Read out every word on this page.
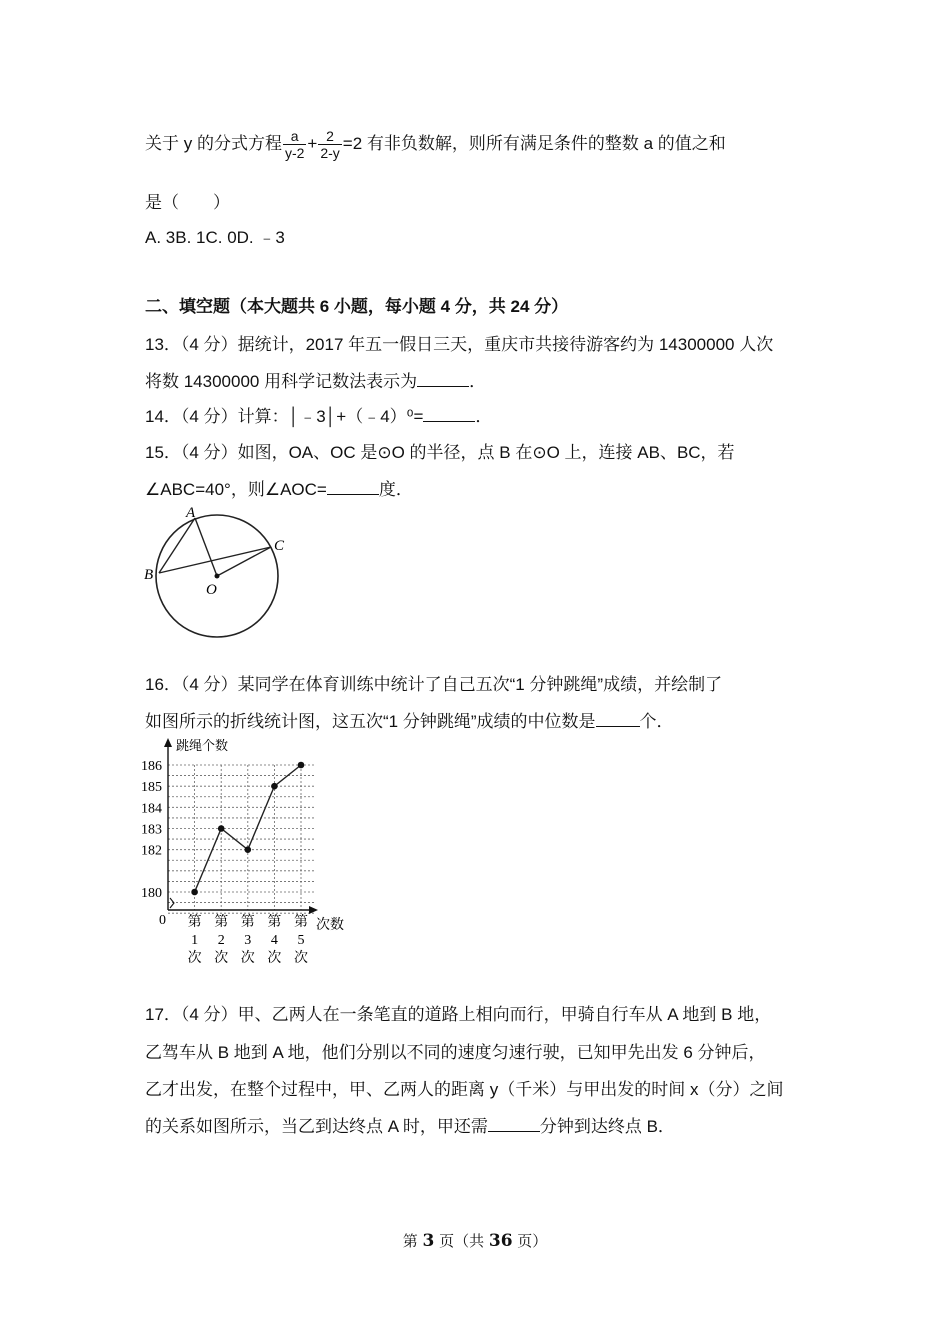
关于 y 的分式方程 $\frac{a}{y-2} + \frac{2}{2-y} =2$ 有非负数解，则所有满足条件的整数 a 的值之和
是（　　）
A. 3B. 1C. 0D. ﹣3
二、填空题（本大题共 6 小题，每小题 4 分，共 24 分）
13．（4 分）据统计，2017 年五一假日三天，重庆市共接待游客约为 14300000 人次
将数 14300000 用科学记数法表示为	．
14．（4 分）计算：│﹣3│+（﹣4）⁰=	．
15．（4 分）如图，OA、OC 是⊙O 的半径，点 B 在⊙O 上，连接 AB、BC，若
∠ABC=40°，则∠AOC=	度．
A
B
C
O
16．（4 分）某同学在体育训练中统计了自己五次“1 分钟跳绳”成绩，并绘制了
如图所示的折线统计图，这五次“1 分钟跳绳”成绩的中位数是	个．
跳绳个数
次数
0
180
182
183
184
185
186
第
1
次
第
2
次
第
3
次
第
4
次
第
5
次
17．（4 分）甲、乙两人在一条笔直的道路上相向而行，甲骑自行车从 A 地到 B 地，
乙驾车从 B 地到 A 地，他们分别以不同的速度匀速行驶，已知甲先出发 6 分钟后，
乙才出发，在整个过程中，甲、乙两人的距离 y（千米）与甲出发的时间 x（分）之间
的关系如图所示，当乙到达终点 A 时，甲还需	分钟到达终点 B．
第 3 页（共 36 页）
